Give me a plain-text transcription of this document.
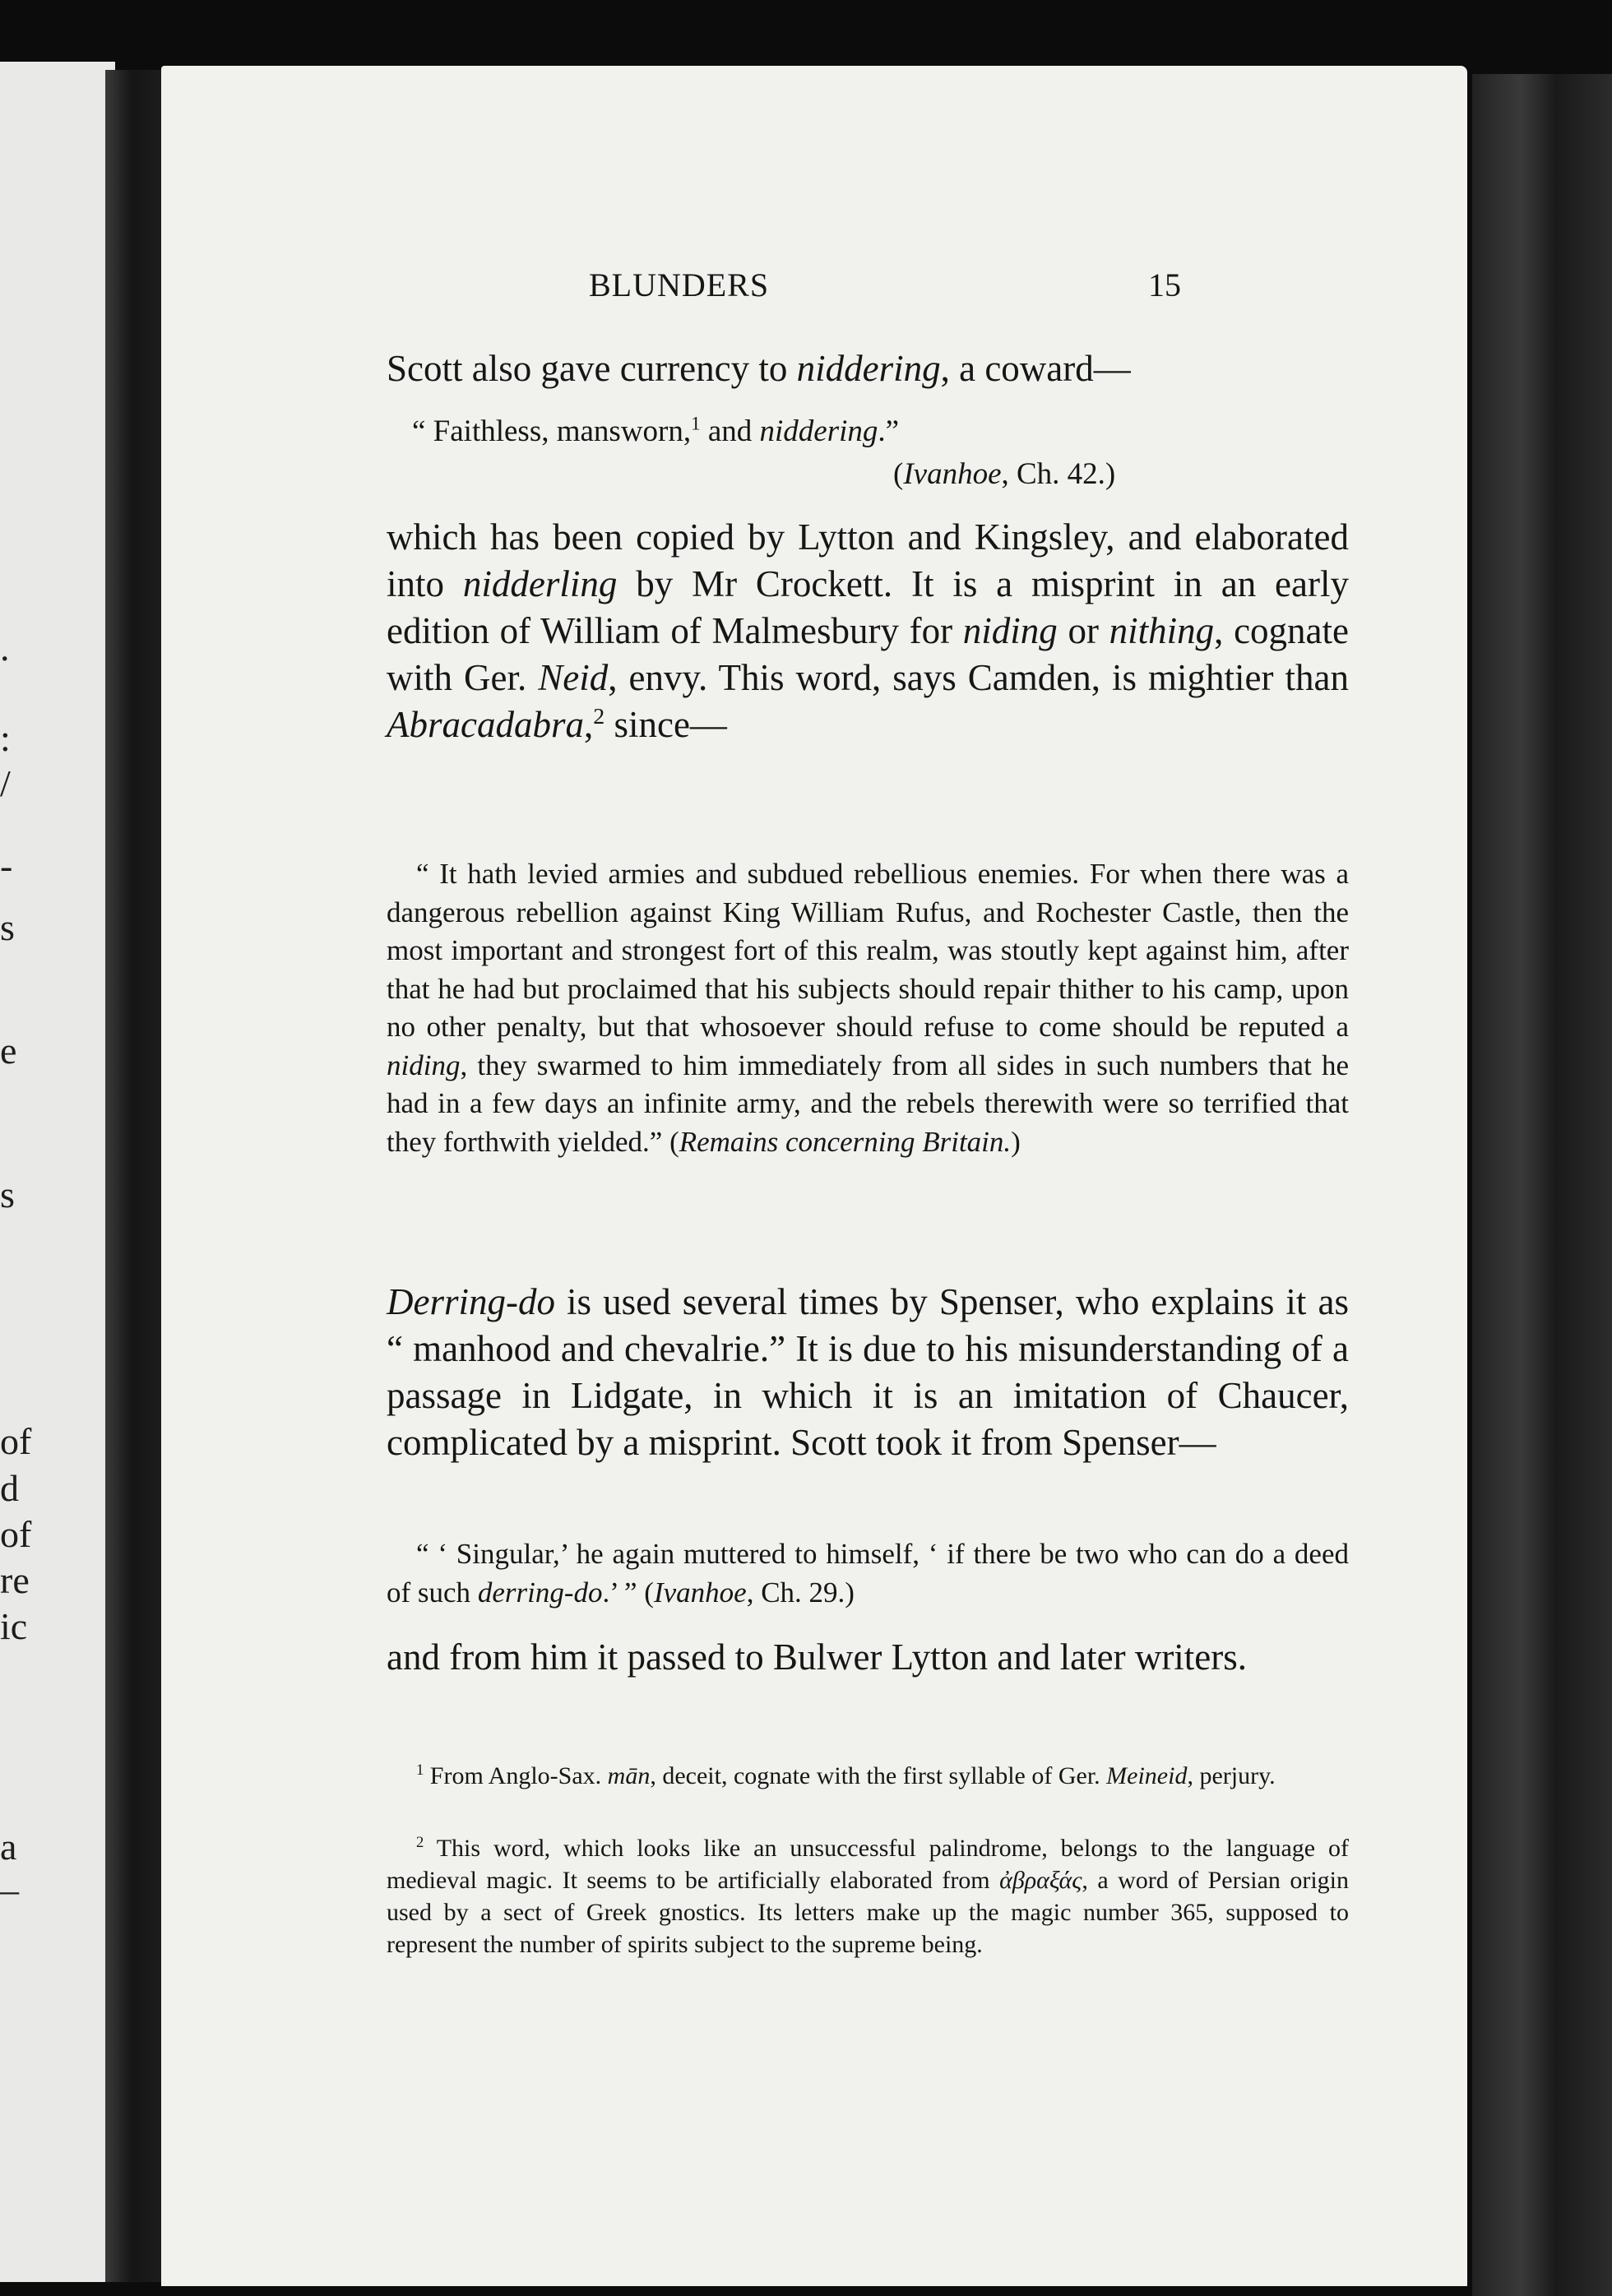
.
:
/
-
s
e
s
of
d
of
re
ic
a
–
BLUNDERS	15
Scott also gave currency to niddering, a coward—
“ Faithless, mansworn,$^1$ and niddering.”
(Ivanhoe, Ch. 42.)
which has been copied by Lytton and Kingsley, and elaborated into nidderling by Mr Crockett. It is a misprint in an early edition of William of Malmesbury for niding or nithing, cognate with Ger. Neid, envy. This word, says Camden, is mightier than Abracadabra,$^2$ since—
“ It hath levied armies and subdued rebellious enemies. For when there was a dangerous rebellion against King William Rufus, and Rochester Castle, then the most important and strongest fort of this realm, was stoutly kept against him, after that he had but proclaimed that his subjects should repair thither to his camp, upon no other penalty, but that whosoever should refuse to come should be reputed a niding, they swarmed to him immediately from all sides in such numbers that he had in a few days an infinite army, and the rebels therewith were so terrified that they forthwith yielded.” (Remains concerning Britain.)
Derring-do is used several times by Spenser, who explains it as “ manhood and chevalrie.” It is due to his misunderstanding of a passage in Lidgate, in which it is an imitation of Chaucer, complicated by a misprint. Scott took it from Spenser—
“ ‘ Singular,’ he again muttered to himself, ‘ if there be two who can do a deed of such derring-do.’ ” (Ivanhoe, Ch. 29.)
and from him it passed to Bulwer Lytton and later writers.
$^1$ From Anglo-Sax. mān, deceit, cognate with the first syllable of Ger. Meineid, perjury.
$^2$ This word, which looks like an unsuccessful palindrome, belongs to the language of medieval magic. It seems to be artificially elaborated from ἀβραξάς, a word of Persian origin used by a sect of Greek gnostics. Its letters make up the magic number 365, supposed to represent the number of spirits subject to the supreme being.
